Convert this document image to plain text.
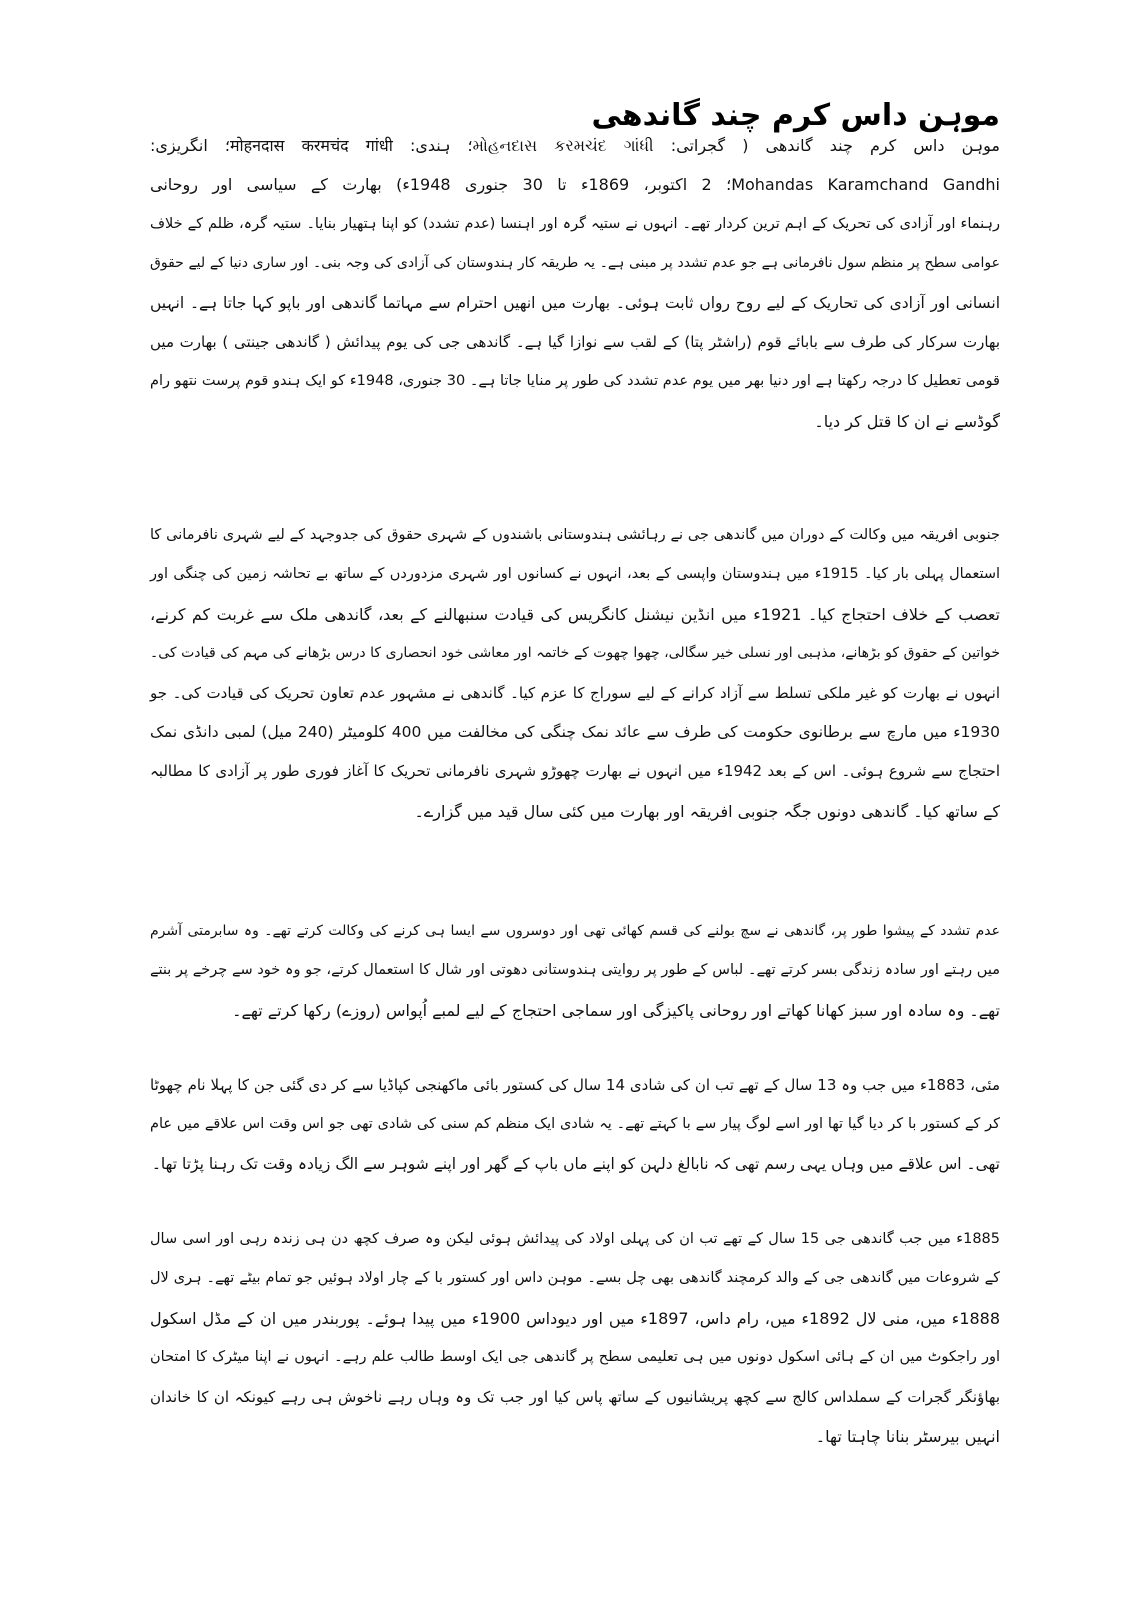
موہن داس کرم چند گاندھی
موہن داس کرم چند گاندھی ( گجراتی: મોહનદાસ કરમચંદ ગાંધી؛ ہندی: मोहनदास करमचंद गांधी؛ انگریزی:
Mohandas Karamchand Gandhi؛ 2 اکتوبر، 1869ء تا 30 جنوری 1948ء) بھارت کے سیاسی اور روحانی
رہنماء اور آزادی کی تحریک کے اہم ترین کردار تھے۔ انہوں نے ستیہ گرہ اور اہنسا (عدم تشدد) کو اپنا ہتھیار بنایا۔ ستیہ گرہ، ظلم کے خلاف
عوامی سطح پر منظم سول نافرمانی ہے جو عدم تشدد پر مبنی ہے۔ یہ طریقہ کار ہندوستان کی آزادی کی وجہ بنی۔ اور ساری دنیا کے لیے حقوق
انسانی اور آزادی کی تحاریک کے لیے روح رواں ثابت ہوئی۔ بھارت میں انھیں احترام سے مہاتما گاندھی اور باپو کہا جاتا ہے۔ انہیں
بھارت سرکار کی طرف سے بابائے قوم (راشٹر پتا) کے لقب سے نوازا گیا ہے۔ گاندھی جی کی یوم پیدائش ( گاندھی جینتی ) بھارت میں
قومی تعطیل کا درجہ رکھتا ہے اور دنیا بھر میں یوم عدم تشدد کی طور پر منایا جاتا ہے۔ 30 جنوری، 1948ء کو ایک ہندو قوم پرست نتھو رام
گوڈسے نے ان کا قتل کر دیا۔
جنوبی افریقہ میں وکالت کے دوران میں گاندھی جی نے رہائشی ہندوستانی باشندوں کے شہری حقوق کی جدوجہد کے لیے شہری نافرمانی کا
استعمال پہلی بار کیا۔ 1915ء میں ہندوستان واپسی کے بعد، انہوں نے کسانوں اور شہری مزدوردں کے ساتھ بے تحاشہ زمین کی چنگی اور
تعصب کے خلاف احتجاج کیا۔ 1921ء میں انڈین نیشنل کانگریس کی قیادت سنبھالنے کے بعد، گاندھی ملک سے غربت کم کرنے،
خواتین کے حقوق کو بڑھانے، مذہبی اور نسلی خیر سگالی، چھوا چھوت کے خاتمہ اور معاشی خود انحصاری کا درس بڑھانے کی مہم کی قیادت کی۔
انہوں نے بھارت کو غیر ملکی تسلط سے آزاد کرانے کے لیے سوراج کا عزم کیا۔ گاندھی نے مشہور عدم تعاون تحریک کی قیادت کی۔ جو
1930ء میں مارچ سے برطانوی حکومت کی طرف سے عائد نمک چنگی کی مخالفت میں 400 کلومیٹر (240 میل) لمبی دانڈی نمک
احتجاج سے شروع ہوئی۔ اس کے بعد 1942ء میں انہوں نے بھارت چھوڑو شہری نافرمانی تحریک کا آغاز فوری طور پر آزادی کا مطالبہ
کے ساتھ کیا۔ گاندھی دونوں جگہ جنوبی افریقہ اور بھارت میں کئی سال قید میں گزارے۔
عدم تشدد کے پیشوا طور پر، گاندھی نے سچ بولنے کی قسم کھائی تھی اور دوسروں سے ایسا ہی کرنے کی وکالت کرتے تھے۔ وہ سابرمتی آشرم
میں رہتے اور سادہ زندگی بسر کرتے تھے۔ لباس کے طور پر روایتی ہندوستانی دھوتی اور شال کا استعمال کرتے، جو وہ خود سے چرخے پر بنتے
تھے۔ وہ سادہ اور سبز کھانا کھاتے اور روحانی پاکیزگی اور سماجی احتجاج کے لیے لمبے اُپواس (روزے) رکھا کرتے تھے۔
مئی، 1883ء میں جب وہ 13 سال کے تھے تب ان کی شادی 14 سال کی کستور بائی ماکھنجی کپاڈیا سے کر دی گئی جن کا پہلا نام چھوٹا
کر کے کستور با کر دیا گیا تھا اور اسے لوگ پیار سے با کہتے تھے۔ یہ شادی ایک منظم کم سنی کی شادی تھی جو اس وقت اس علاقے میں عام
تھی۔ اس علاقے میں وہاں یہی رسم تھی کہ نابالغ دلہن کو اپنے ماں باپ کے گھر اور اپنے شوہر سے الگ زیادہ وقت تک رہنا پڑتا تھا۔
1885ء میں جب گاندھی جی 15 سال کے تھے تب ان کی پہلی اولاد کی پیدائش ہوئی لیکن وہ صرف کچھ دن ہی زندہ رہی اور اسی سال
کے شروعات میں گاندھی جی کے والد کرمچند گاندھی بھی چل بسے۔ موہن داس اور کستور با کے چار اولاد ہوئیں جو تمام بیٹے تھے۔ ہری لال
1888ء میں، منی لال 1892ء میں، رام داس، 1897ء میں اور دیوداس 1900ء میں پیدا ہوئے۔ پوربندر میں ان کے مڈل اسکول
اور راجکوٹ میں ان کے ہائی اسکول دونوں میں ہی تعلیمی سطح پر گاندھی جی ایک اوسط طالب علم رہے۔ انہوں نے اپنا میٹرک کا امتحان
بھاؤنگر گجرات کے سملداس کالج سے کچھ پریشانیوں کے ساتھ پاس کیا اور جب تک وہ وہاں رہے ناخوش ہی رہے کیونکہ ان کا خاندان
انہیں بیرسٹر بنانا چاہتا تھا۔
